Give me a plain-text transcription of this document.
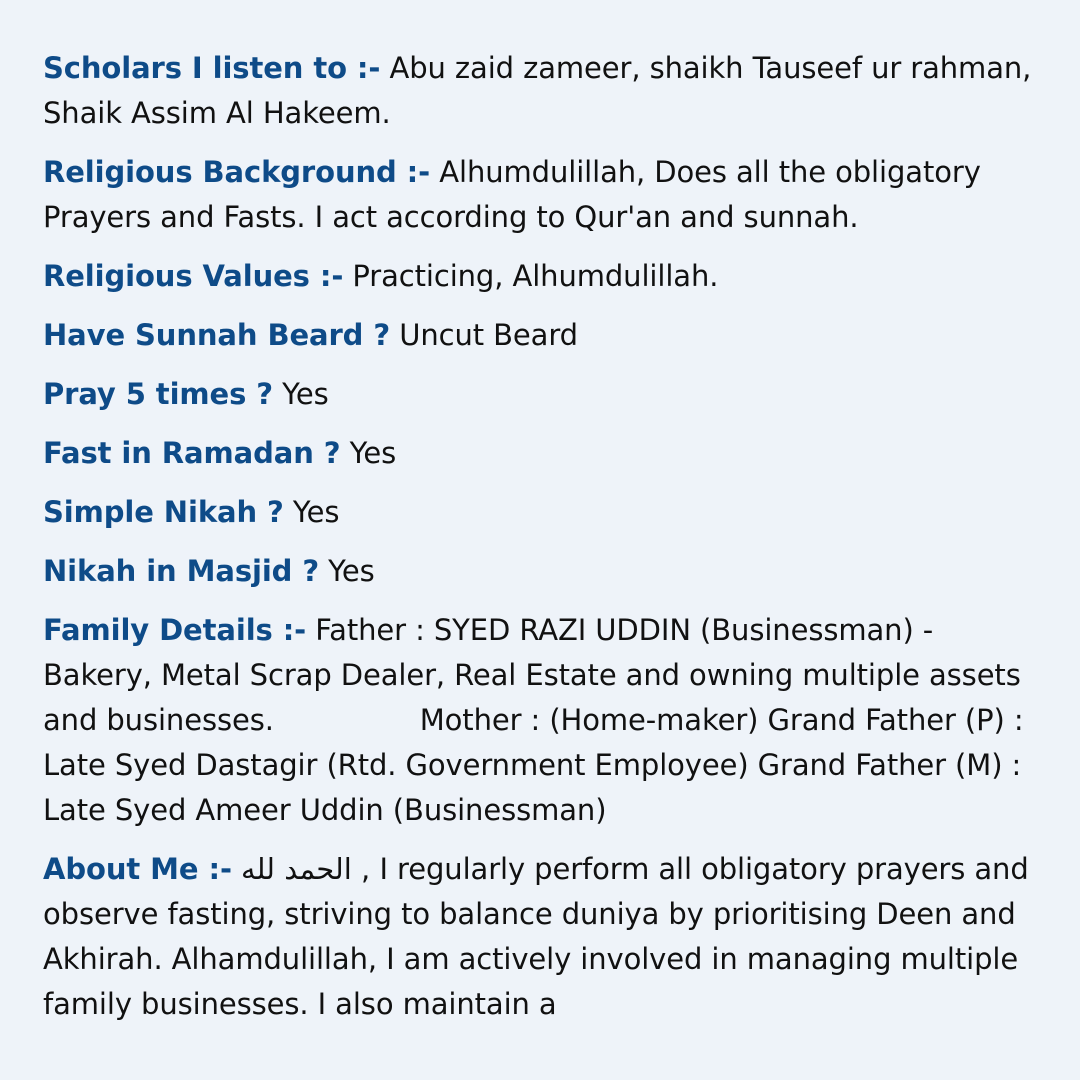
Scholars I listen to :- Abu zaid zameer, shaikh Tauseef ur rahman, Shaik Assim Al Hakeem.

Religious Background :- Alhumdulillah, Does all the obligatory Prayers and Fasts. I act according to Qur'an and sunnah.

Religious Values :- Practicing, Alhumdulillah.

Have Sunnah Beard ? Uncut Beard

Pray 5 times ? Yes

Fast in Ramadan ? Yes

Simple Nikah ? Yes

Nikah in Masjid ? Yes

Family Details :- Father : SYED RAZI UDDIN (Businessman) -  Bakery, Metal Scrap Dealer, Real Estate and owning multiple assets and businesses.                Mother : (Home-maker) Grand Father (P) : Late Syed Dastagir (Rtd. Government Employee) Grand Father (M) : Late Syed Ameer Uddin (Businessman)

About Me :- الحمد لله , I regularly perform all obligatory prayers and observe fasting, striving to balance duniya by prioritising Deen and Akhirah. Alhamdulillah, I am actively involved in managing multiple family businesses. I also maintain a
